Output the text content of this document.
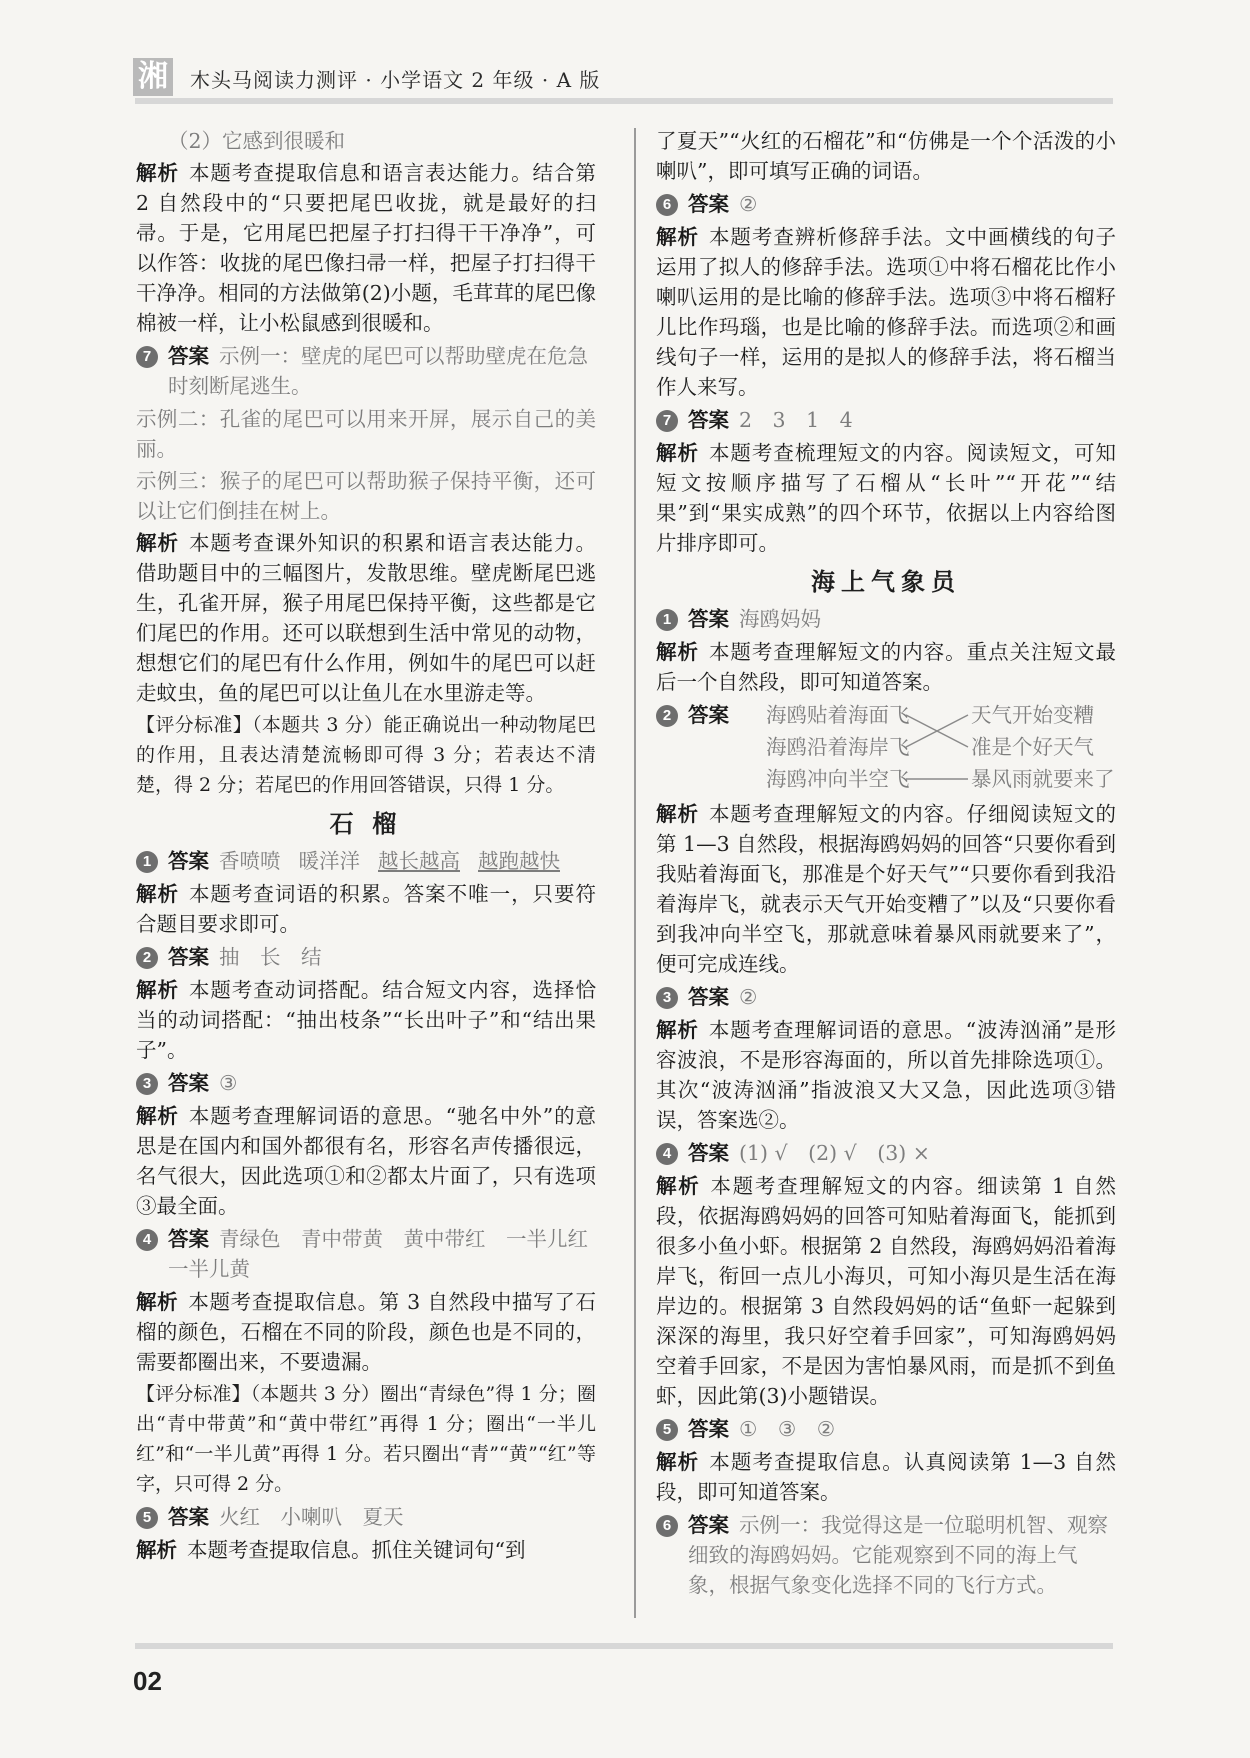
湘 木头马阅读力测评 · 小学语文 2 年级 · A 版
（2）它感到很暖和
解析 本题考查提取信息和语言表达能力。结合第 2 自然段中的“只要把尾巴收拢，就是最好的扫帚。于是，它用尾巴把屋子打扫得干干净净”，可以作答：收拢的尾巴像扫帚一样，把屋子打扫得干干净净。相同的方法做第(2)小题，毛茸茸的尾巴像棉被一样，让小松鼠感到很暖和。
7 答案 示例一：壁虎的尾巴可以帮助壁虎在危急时刻断尾逃生。
示例二：孔雀的尾巴可以用来开屏，展示自己的美丽。
示例三：猴子的尾巴可以帮助猴子保持平衡，还可以让它们倒挂在树上。
解析 本题考查课外知识的积累和语言表达能力。借助题目中的三幅图片，发散思维。壁虎断尾巴逃生，孔雀开屏，猴子用尾巴保持平衡，这些都是它们尾巴的作用。还可以联想到生活中常见的动物，想想它们的尾巴有什么作用，例如牛的尾巴可以赶走蚊虫，鱼的尾巴可以让鱼儿在水里游走等。
【评分标准】（本题共 3 分）能正确说出一种动物尾巴的作用，且表达清楚流畅即可得 3 分；若表达不清楚，得 2 分；若尾巴的作用回答错误，只得 1 分。
石 榴
1 答案 香喷喷 暖洋洋 越长越高 越跑越快
解析 本题考查词语的积累。答案不唯一，只要符合题目要求即可。
2 答案 抽　长　结
解析 本题考查动词搭配。结合短文内容，选择恰当的动词搭配：“抽出枝条”“长出叶子”和“结出果子”。
3 答案 ③
解析 本题考查理解词语的意思。“驰名中外”的意思是在国内和国外都很有名，形容名声传播很远，名气很大，因此选项①和②都太片面了，只有选项③最全面。
4 答案 青绿色　青中带黄　黄中带红　一半儿红　一半儿黄
解析 本题考查提取信息。第 3 自然段中描写了石榴的颜色，石榴在不同的阶段，颜色也是不同的，需要都圈出来，不要遗漏。
【评分标准】（本题共 3 分）圈出“青绿色”得 1 分；圈出“青中带黄”和“黄中带红”再得 1 分；圈出“一半儿红”和“一半儿黄”再得 1 分。若只圈出“青”“黄”“红”等字，只可得 2 分。
5 答案 火红　小喇叭　夏天
解析 本题考查提取信息。抓住关键词句“到
了夏天”“火红的石榴花”和“仿佛是一个个活泼的小喇叭”，即可填写正确的词语。
6 答案 ②
解析 本题考查辨析修辞手法。文中画横线的句子运用了拟人的修辞手法。选项①中将石榴花比作小喇叭运用的是比喻的修辞手法。选项③中将石榴籽儿比作玛瑙，也是比喻的修辞手法。而选项②和画线句子一样，运用的是拟人的修辞手法，将石榴当作人来写。
7 答案 2　3　1　4
解析 本题考查梳理短文的内容。阅读短文，可知短文按顺序描写了石榴从“长叶”“开花”“结果”到“果实成熟”的四个环节，依据以上内容给图片排序即可。
海上气象员
1 答案 海鸥妈妈
解析 本题考查理解短文的内容。重点关注短文最后一个自然段，即可知道答案。
2 答案 海鸥贴着海面飞
海鸥沿着海岸飞
海鸥冲向半空飞
天气开始变糟
准是个好天气
暴风雨就要来了
解析 本题考查理解短文的内容。仔细阅读短文的第 1—3 自然段，根据海鸥妈妈的回答“只要你看到我贴着海面飞，那准是个好天气”“只要你看到我沿着海岸飞，就表示天气开始变糟了”以及“只要你看到我冲向半空飞，那就意味着暴风雨就要来了”，便可完成连线。
3 答案 ②
解析 本题考查理解词语的意思。“波涛汹涌”是形容波浪，不是形容海面的，所以首先排除选项①。其次“波涛汹涌”指波浪又大又急，因此选项③错误，答案选②。
4 答案 (1) √　(2) √　(3) ×
解析 本题考查理解短文的内容。细读第 1 自然段，依据海鸥妈妈的回答可知贴着海面飞，能抓到很多小鱼小虾。根据第 2 自然段，海鸥妈妈沿着海岸飞，衔回一点儿小海贝，可知小海贝是生活在海岸边的。根据第 3 自然段妈妈的话“鱼虾一起躲到深深的海里，我只好空着手回家”，可知海鸥妈妈空着手回家，不是因为害怕暴风雨，而是抓不到鱼虾，因此第(3)小题错误。
5 答案 ①　③　②
解析 本题考查提取信息。认真阅读第 1—3 自然段，即可知道答案。
6 答案 示例一：我觉得这是一位聪明机智、观察细致的海鸥妈妈。它能观察到不同的海上气象，根据气象变化选择不同的飞行方式。
02
